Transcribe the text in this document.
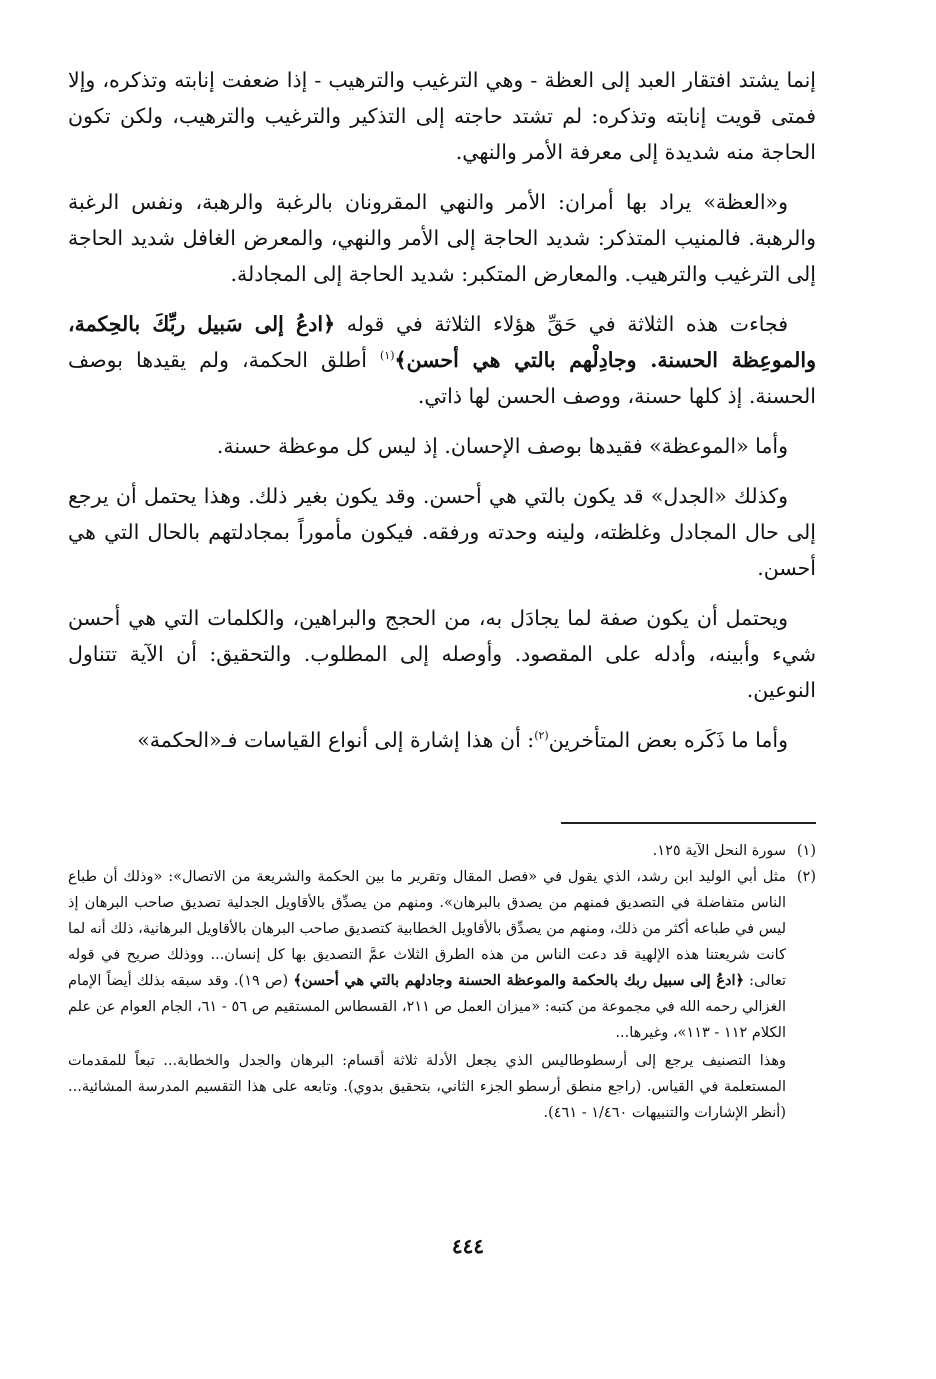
إنما يشتد افتقار العبد إلى العظة - وهي الترغيب والترهيب - إذا ضعفت إنابته وتذكره، وإلا فمتى قويت إنابته وتذكره: لم تشتد حاجته إلى التذكير والترغيب والترهيب، ولكن تكون الحاجة منه شديدة إلى معرفة الأمر والنهي.

و«العظة» يراد بها أمران: الأمر والنهي المقرونان بالرغبة والرهبة، ونفس الرغبة والرهبة. فالمنيب المتذكر: شديد الحاجة إلى الأمر والنهي، والمعرض الغافل شديد الحاجة إلى الترغيب والترهيب. والمعارض المتكبر: شديد الحاجة إلى المجادلة.

فجاءت هذه الثلاثة في حَقِّ هؤلاء الثلاثة في قوله ﴿ادعُ إلى سَبيل ربِّكَ بالحِكمة، والموعِظة الحسنة. وجادِلْهم بالتي هي أحسن﴾$^{(١)}$ أطلق الحكمة، ولم يقيدها بوصف الحسنة. إذ كلها حسنة، ووصف الحسن لها ذاتي.

وأما «الموعظة» فقيدها بوصف الإحسان. إذ ليس كل موعظة حسنة.

وكذلك «الجدل» قد يكون بالتي هي أحسن. وقد يكون بغير ذلك. وهذا يحتمل أن يرجع إلى حال المجادل وغلظته، ولينه وحدته ورفقه. فيكون مأموراً بمجادلتهم بالحال التي هي أحسن.

ويحتمل أن يكون صفة لما يجادَل به، من الحجج والبراهين، والكلمات التي هي أحسن شيء وأبينه، وأدله على المقصود. وأوصله إلى المطلوب. والتحقيق: أن الآية تتناول النوعين.

وأما ما ذَكَره بعض المتأخرين$^{(٢)}$: أن هذا إشارة إلى أنواع القياسات فـ«الحكمة»

(١)

سورة النحل الآية ١٢٥.

(٢)

مثل أبي الوليد ابن رشد، الذي يقول في «فصل المقال وتقرير ما بين الحكمة والشريعة من الاتصال»: «وذلك أن طباع الناس متفاضلة في التصديق فمنهم من يصدق بالبرهان». ومنهم من يصدِّق بالأقاويل الجدلية تصديق صاحب البرهان إذ ليس في طباعه أكثر من ذلك، ومنهم من يصدِّق بالأقاويل الخطابية كتصديق صاحب البرهان بالأقاويل البرهانية، ذلك أنه لما كانت شريعتنا هذه الإلهية قد دعت الناس من هذه الطرق الثلاث عمَّ التصديق بها كل إنسان... ووذلك صريح في قوله تعالى: ﴿ادعُ إلى سبيل ربك بالحكمة والموعظة الحسنة وجادلهم بالتي هي أحسن﴾ (ص ١٩). وقد سبقه بذلك أيضاً الإمام الغزالي رحمه الله في مجموعة من كتبه: «ميزان العمل ص ٢١١، القسطاس المستقيم ص ٥٦ - ٦١، الجام العوام عن علم الكلام ١١٢ - ١١٣»، وغيرها...

وهذا التصنيف يرجع إلى أرسطوطاليس الذي يجعل الأدلة ثلاثة أقسام: البرهان والجدل والخطابة... تبعاً للمقدمات المستعلمة في القياس. (راجع منطق أرسطو الجزء الثاني، بتحقيق بدوي). وتابعه على هذا التقسيم المدرسة المشائية... (أنظر الإشارات والتنبيهات ١/٤٦٠ - ٤٦١).

٤٤٤
